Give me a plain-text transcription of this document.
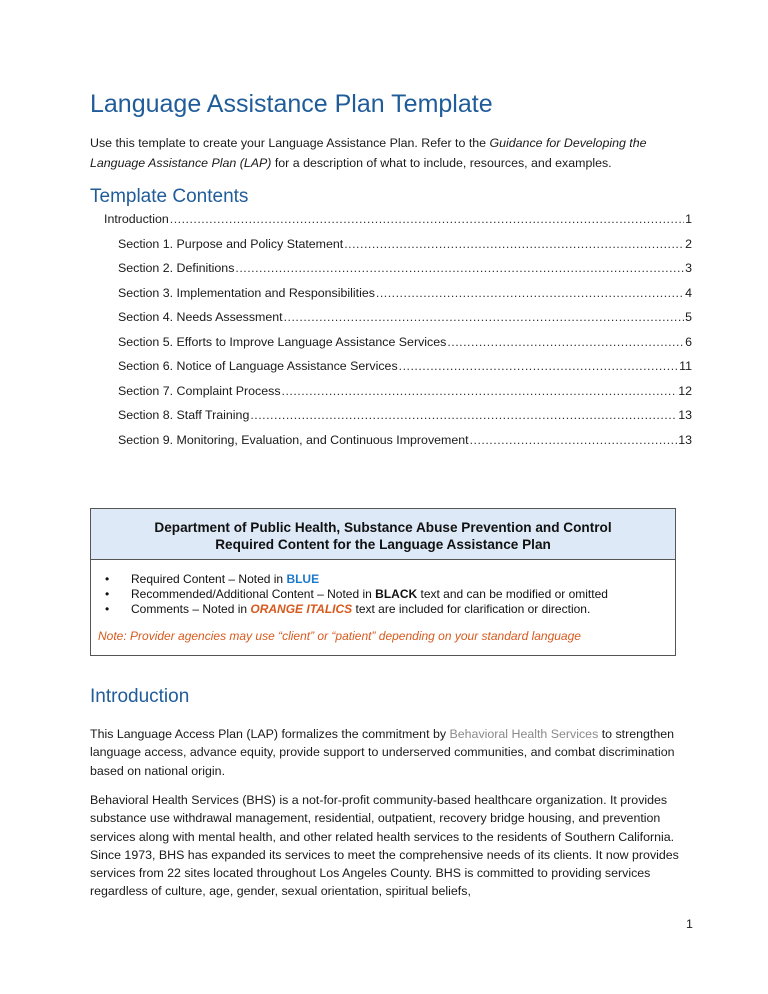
Language Assistance Plan Template

Use this template to create your Language Assistance Plan. Refer to the Guidance for Developing the Language Assistance Plan (LAP) for a description of what to include, resources, and examples.

Template Contents
Introduction .....	1
Section 1. Purpose and Policy Statement .....	2
Section 2. Definitions .....	3
Section 3. Implementation and Responsibilities .....	4
Section 4. Needs Assessment .....	5
Section 5. Efforts to Improve Language Assistance Services .....	6
Section 6. Notice of Language Assistance Services .....	11
Section 7. Complaint Process .....	12
Section 8. Staff Training .....	13
Section 9. Monitoring, Evaluation, and Continuous Improvement .....	13
Department of Public Health, Substance Abuse Prevention and Control
Required Content for the Language Assistance Plan
• Required Content – Noted in BLUE
• Recommended/Additional Content – Noted in BLACK text and can be modified or omitted
• Comments – Noted in ORANGE ITALICS text are included for clarification or direction.
Note: Provider agencies may use “client” or “patient” depending on your standard language
Introduction

This Language Access Plan (LAP) formalizes the commitment by Behavioral Health Services to strengthen language access, advance equity, provide support to underserved communities, and combat discrimination based on national origin.

Behavioral Health Services (BHS) is a not-for-profit community-based healthcare organization. It provides substance use withdrawal management, residential, outpatient, recovery bridge housing, and prevention services along with mental health, and other related health services to the residents of Southern California. Since 1973, BHS has expanded its services to meet the comprehensive needs of its clients. It now provides services from 22 sites located throughout Los Angeles County. BHS is committed to providing services regardless of culture, age, gender, sexual orientation, spiritual beliefs,

1
